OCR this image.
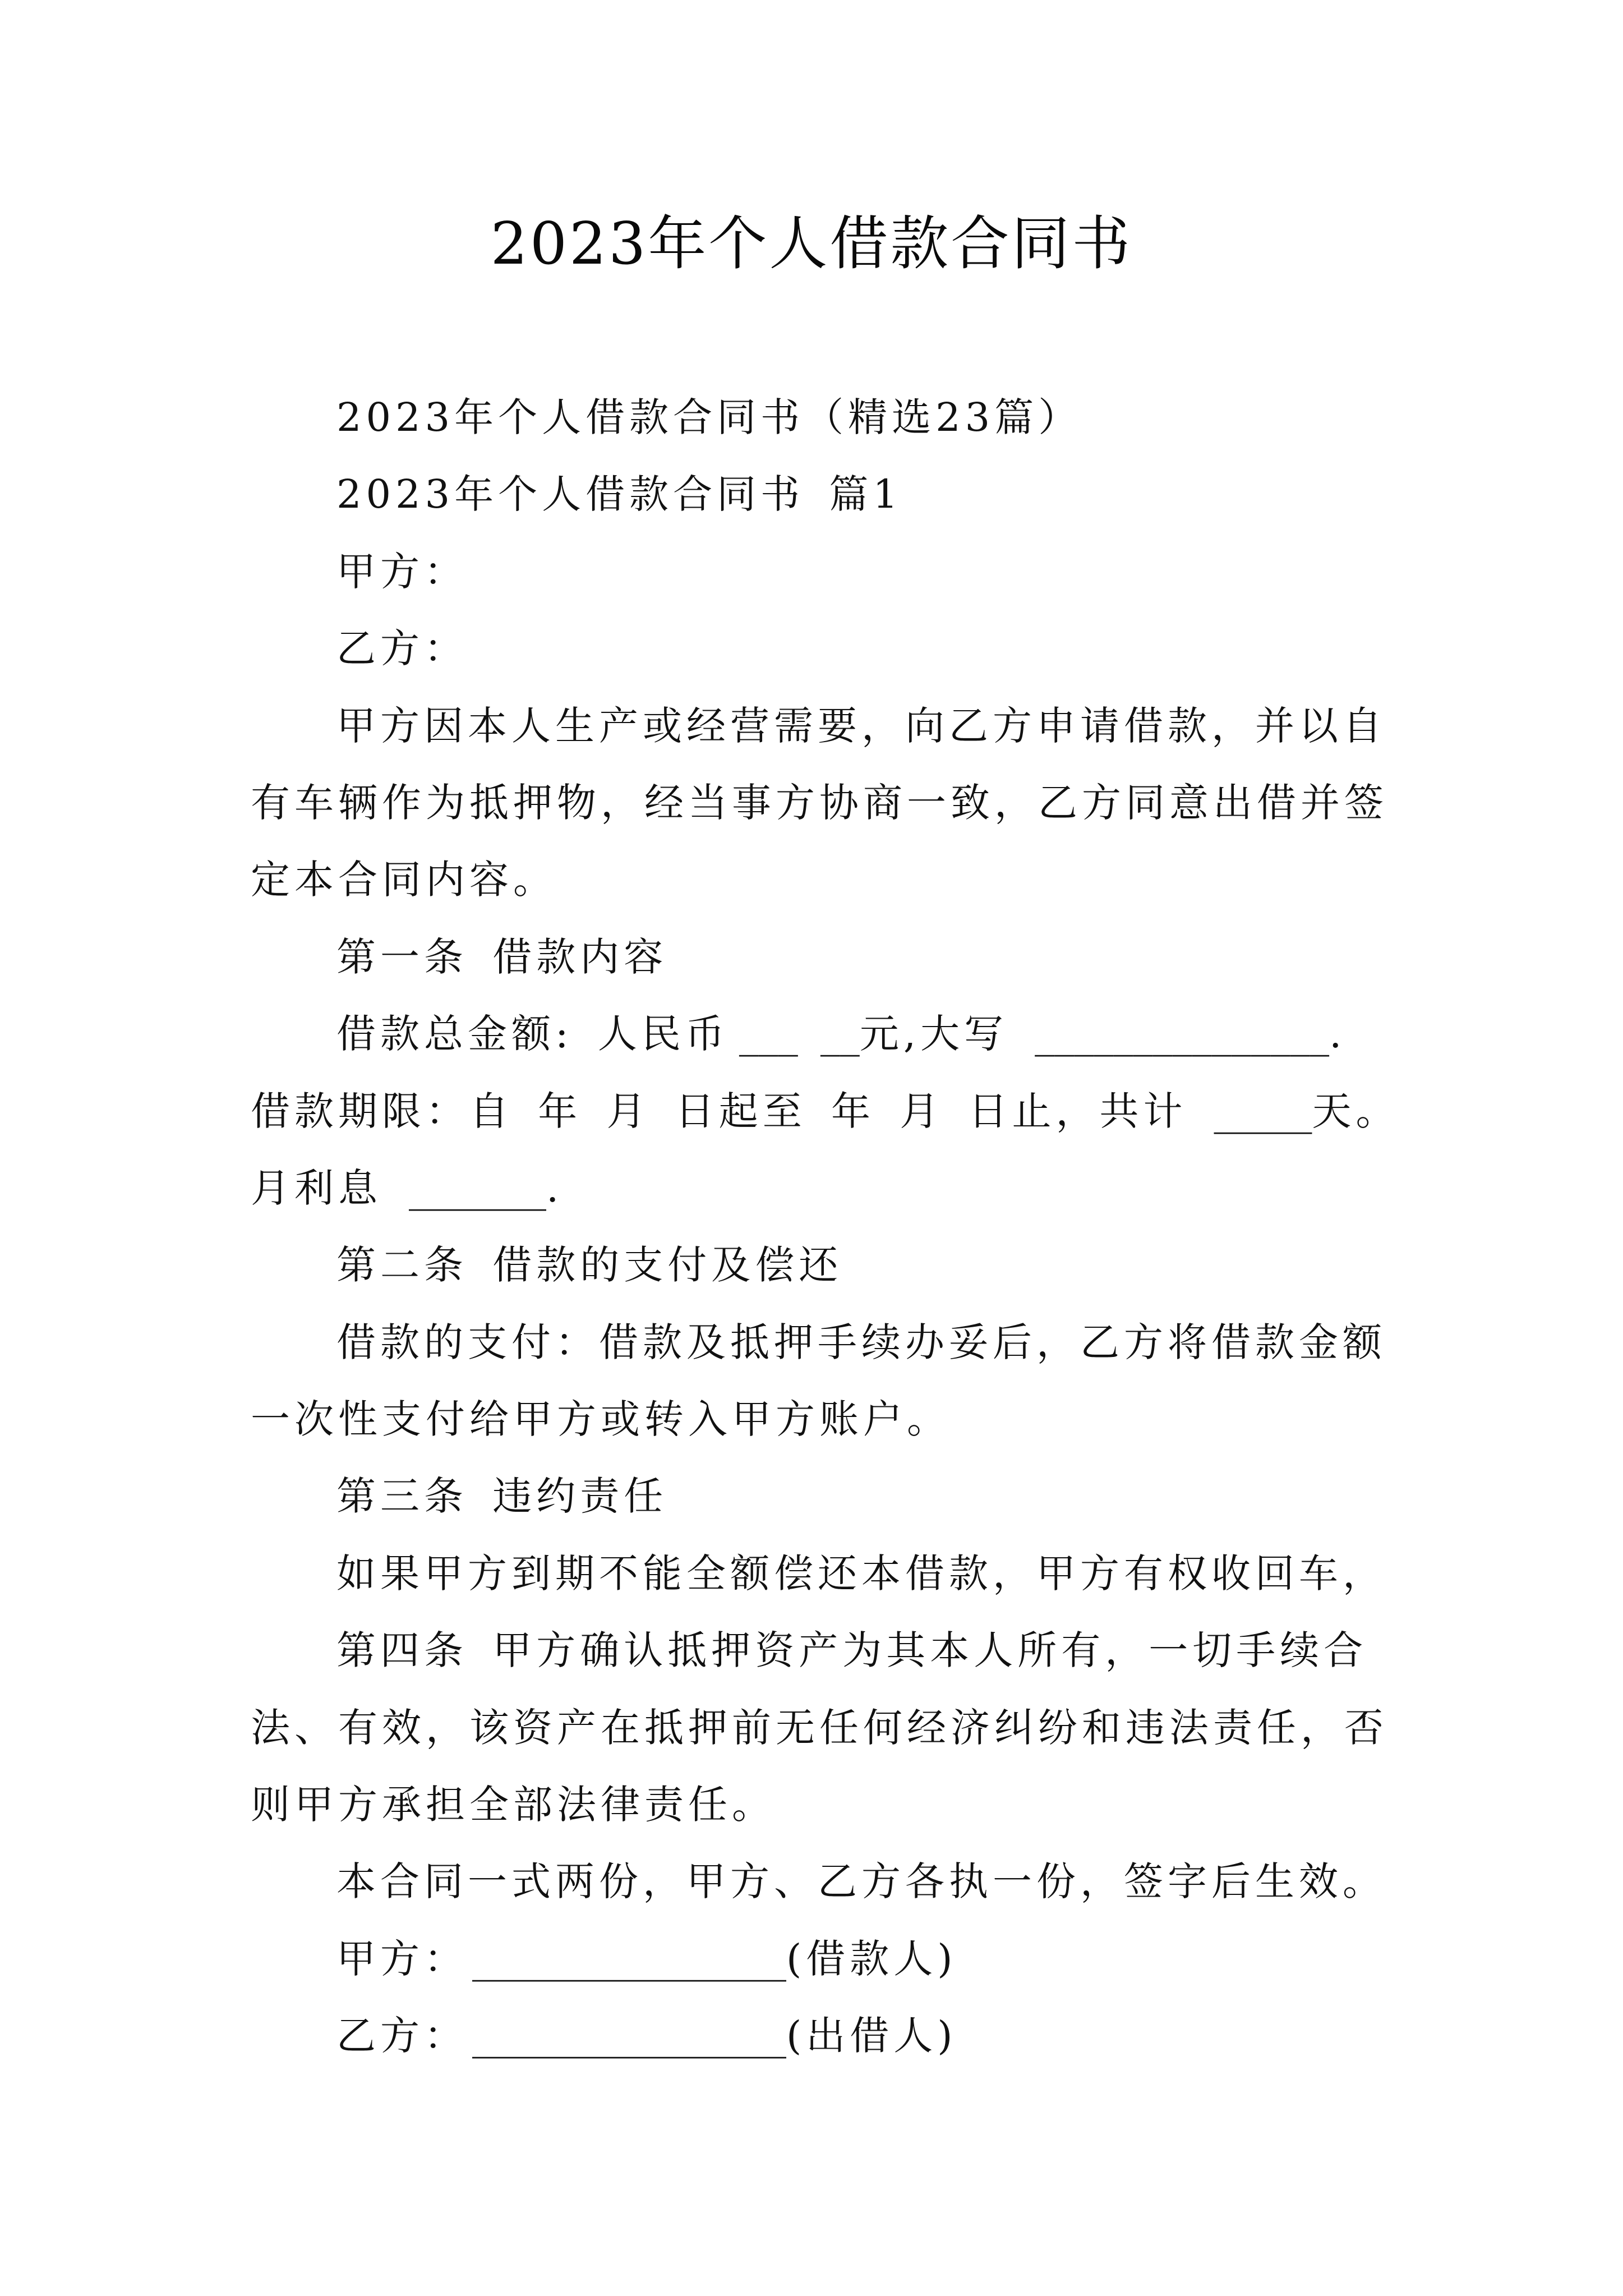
2023年个人借款合同书
2023年个人借款合同书（精选23篇）
2023年个人借款合同书 篇1
甲方：
乙方：
甲方因本人生产或经营需要，向乙方申请借款，并以自
有车辆作为抵押物，经当事方协商一致，乙方同意出借并签
定本合同内容。
第一条 借款内容
借款总金额: 人民币 ___ __ 元,大写 _______________ .
借款期限：自 年 月 日起至 年 月 日止，共计 _____ 天。
月利息 _______ .
第二条 借款的支付及偿还
借款的支付：借款及抵押手续办妥后，乙方将借款金额
一次性支付给甲方或转入甲方账户。
第三条 违约责任
如果甲方到期不能全额偿还本借款，甲方有权收回车，
第四条 甲方确认抵押资产为其本人所有，一切手续合
法、有效，该资产在抵押前无任何经济纠纷和违法责任，否
则甲方承担全部法律责任。
本合同一式两份，甲方、乙方各执一份，签字后生效。
甲方： ________________ (借款人)
乙方： ________________ (出借人)
